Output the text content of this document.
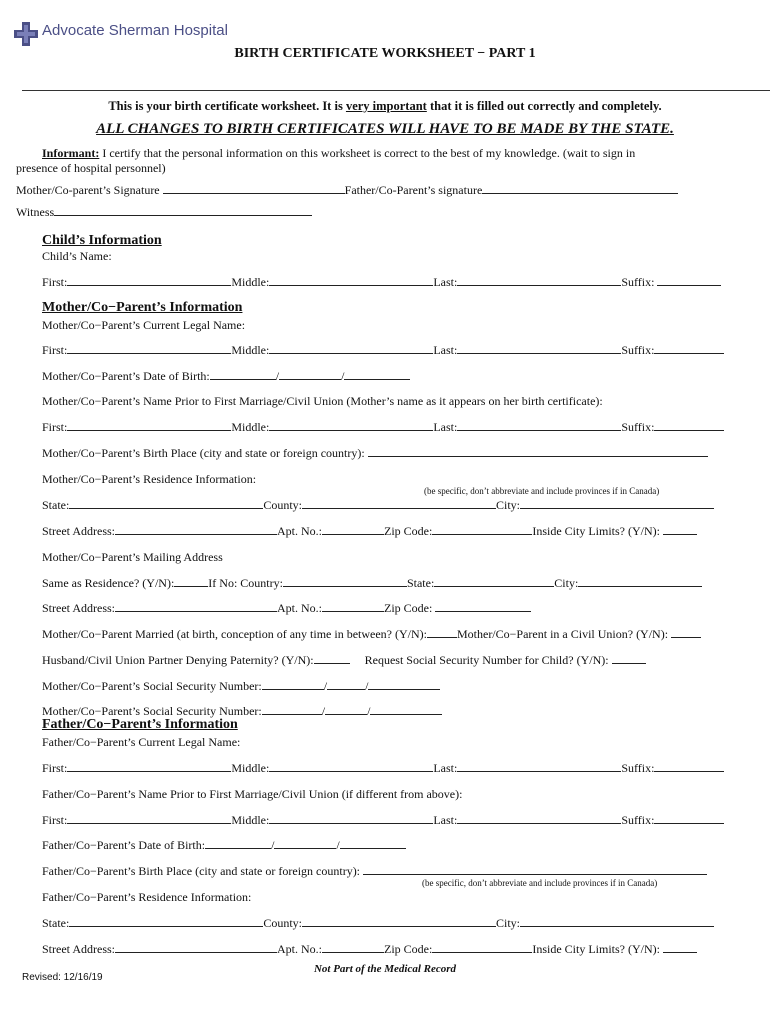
Advocate Sherman Hospital
BIRTH CERTIFICATE WORKSHEET − PART 1
This is your birth certificate worksheet. It is very important that it is filled out correctly and completely.
ALL CHANGES TO BIRTH CERTIFICATES WILL HAVE TO BE MADE BY THE STATE.
Informant: I certify that the personal information on this worksheet is correct to the best of my knowledge. (wait to sign in
presence of hospital personnel)
Mother/Co-parent’s Signature	Father/Co-Parent’s signature
Witness
Child’s Information
Child’s Name:
First:	Middle:	Last:	Suffix:
Mother/Co−Parent’s Information
Mother/Co−Parent’s Current Legal Name:
First:	Middle:	Last:	Suffix:
Mother/Co−Parent’s Date of Birth:	/	/
Mother/Co−Parent’s Name Prior to First Marriage/Civil Union (Mother’s name as it appears on her birth certificate):
First:	Middle:	Last:	Suffix:
Mother/Co−Parent’s Birth Place (city and state or foreign country):
Mother/Co−Parent’s Residence Information:
(be specific, don’t abbreviate and include provinces if in Canada)
State:	County:	City:
Street Address:	Apt. No.:	Zip Code:	Inside City Limits? (Y/N):
Mother/Co−Parent’s Mailing Address
Same as Residence? (Y/N):	If No: Country:	State:	City:
Street Address:	Apt. No.:	Zip Code:
Mother/Co−Parent Married (at birth, conception of any time in between? (Y/N):	Mother/Co−Parent in a Civil Union? (Y/N):
Husband/Civil Union Partner Denying Paternity? (Y/N):	Request Social Security Number for Child? (Y/N):
Mother/Co−Parent’s Social Security Number:	/	/
Mother/Co−Parent’s Social Security Number:	/	/
Father/Co−Parent’s Information
Father/Co−Parent’s Current Legal Name:
First:	Middle:	Last:	Suffix:
Father/Co−Parent’s Name Prior to First Marriage/Civil Union (if different from above):
First:	Middle:	Last:	Suffix:
Father/Co−Parent’s Date of Birth:	/	/
Father/Co−Parent’s Birth Place (city and state or foreign country):
(be specific, don’t abbreviate and include provinces if in Canada)
Father/Co−Parent’s Residence Information:
State:	County:	City:
Street Address:	Apt. No.:	Zip Code:	Inside City Limits? (Y/N):
Not Part of the Medical Record
Revised: 12/16/19
